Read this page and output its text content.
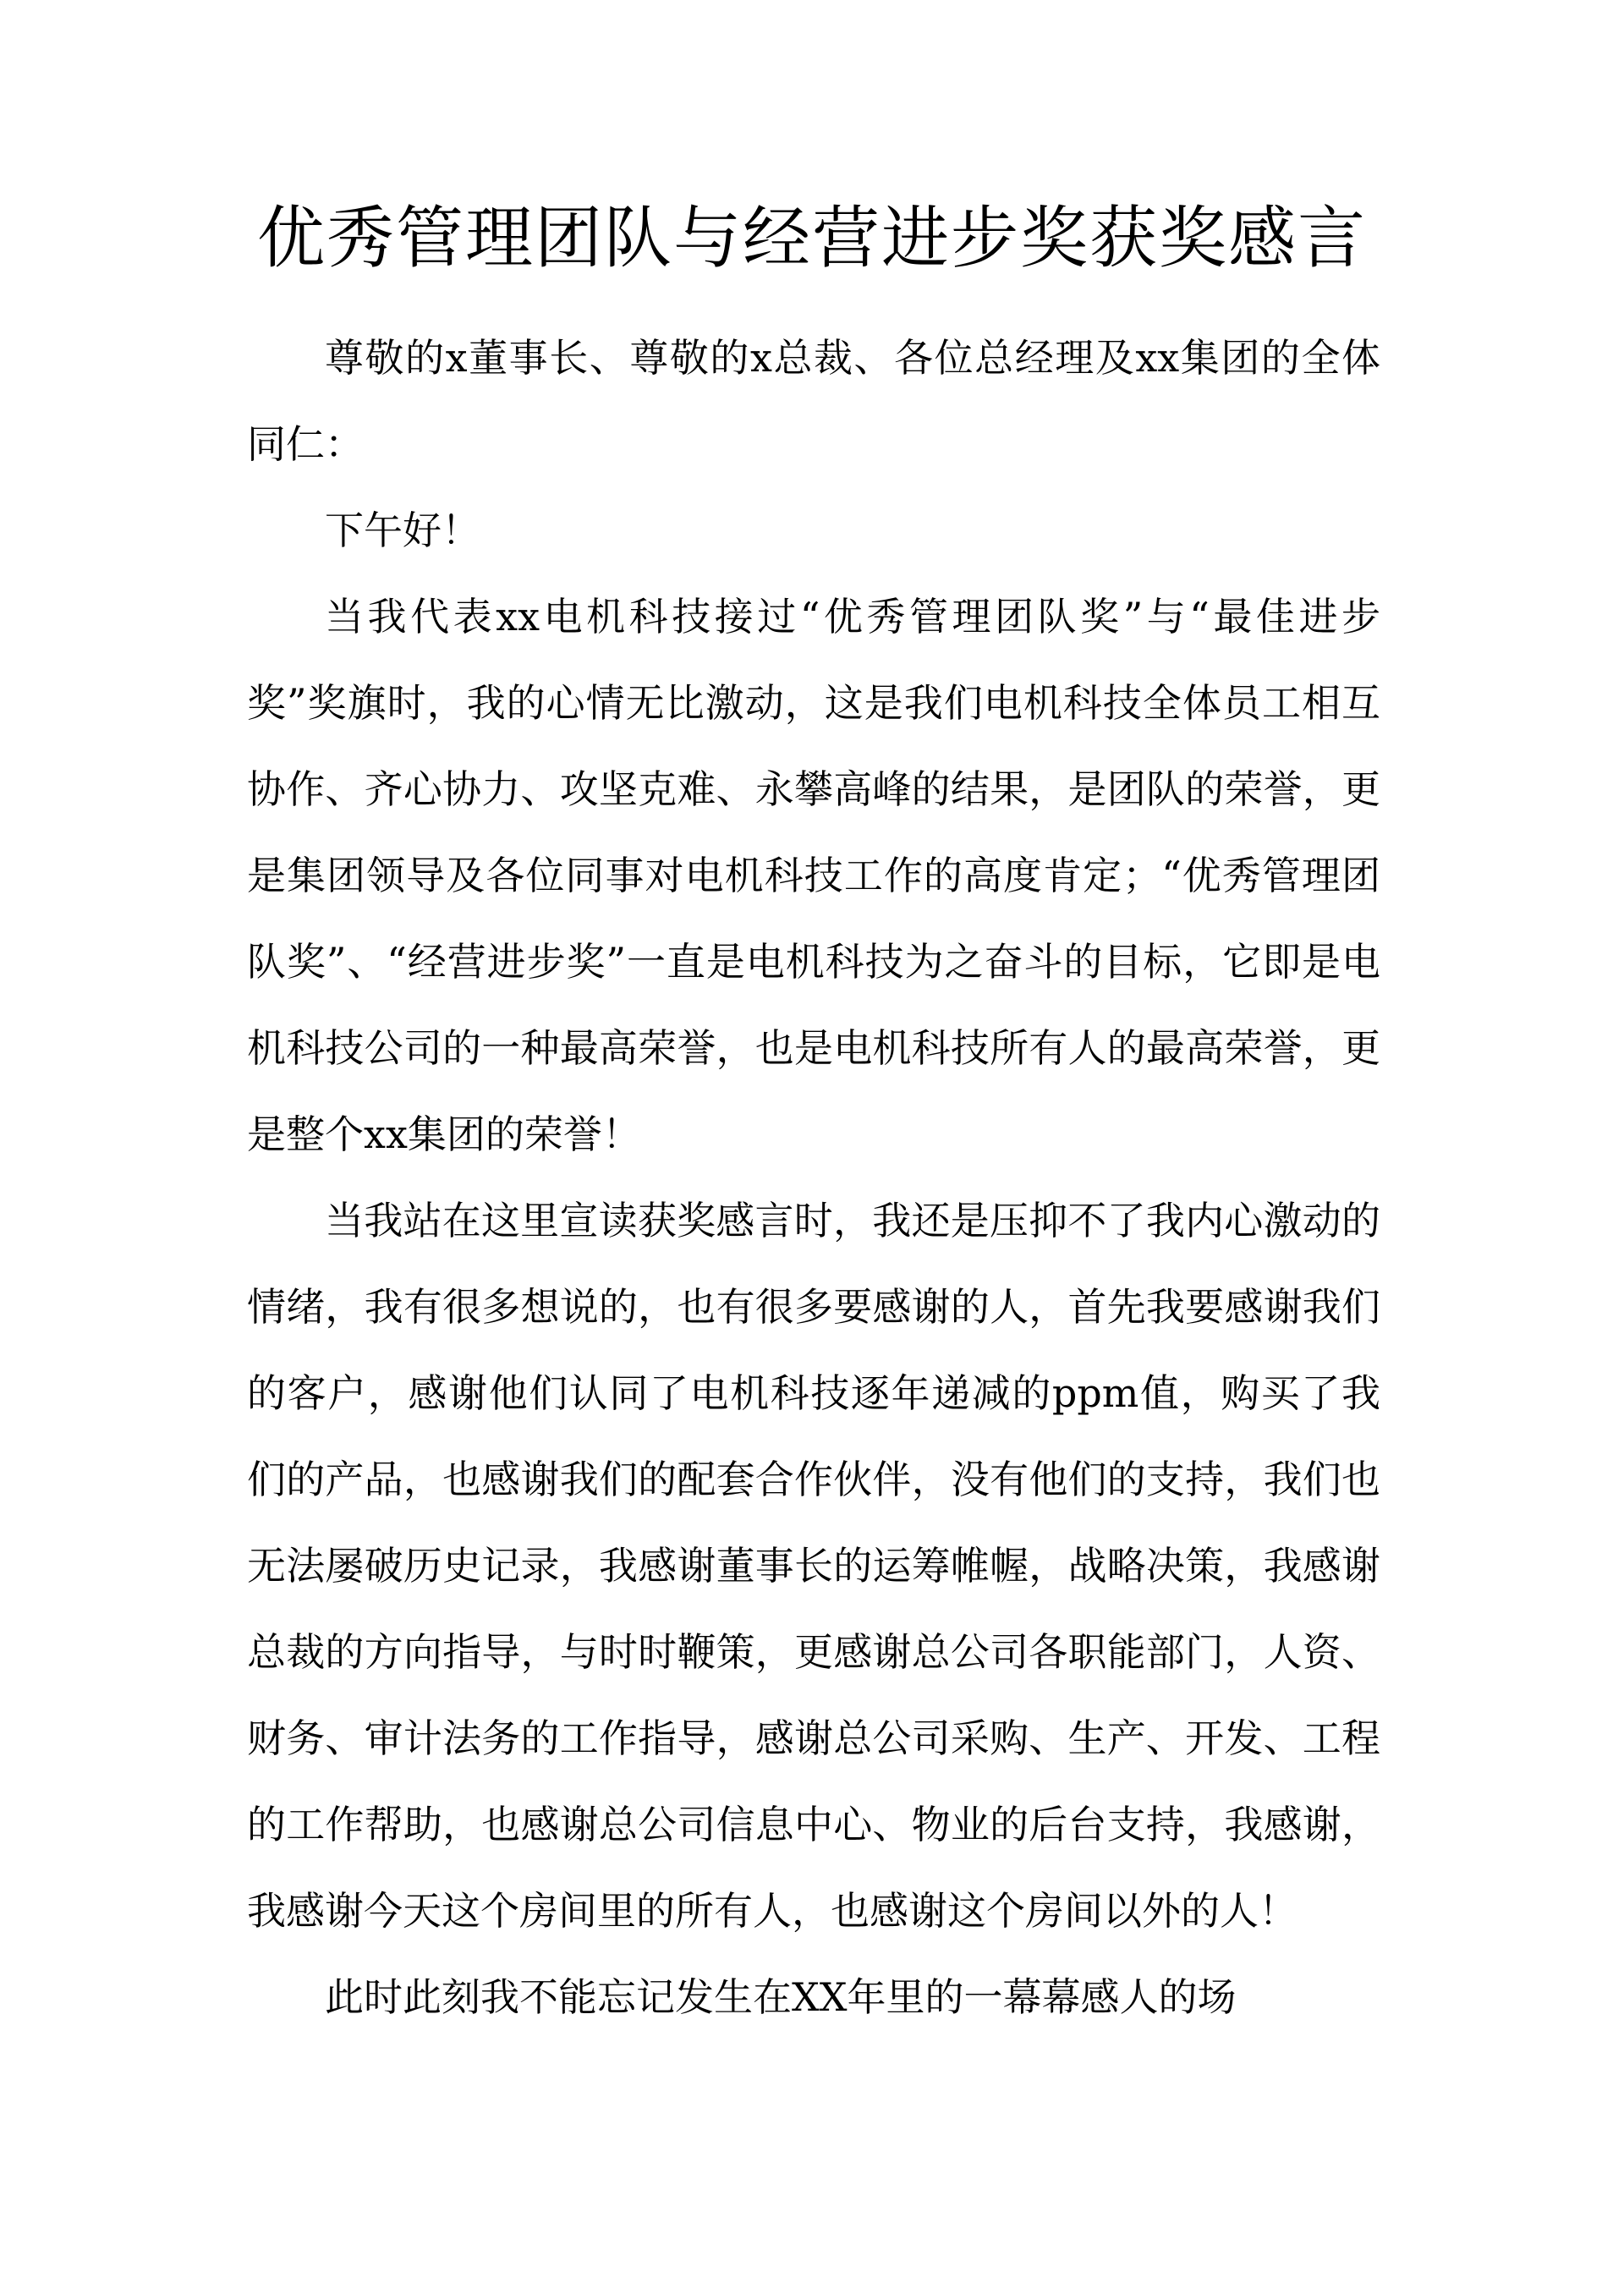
优秀管理团队与经营进步奖获奖感言

尊敬的x董事长、尊敬的x总裁、各位总经理及xx集团的全体同仁：

下午好！

当我代表xx电机科技接过“优秀管理团队奖”与“最佳进步奖”奖旗时，我的心情无比激动，这是我们电机科技全体员工相互协作、齐心协力、攻坚克难、永攀高峰的结果，是团队的荣誉，更是集团领导及各位同事对电机科技工作的高度肯定；“优秀管理团队奖”、“经营进步奖”一直是电机科技为之奋斗的目标，它即是电机科技公司的一种最高荣誉，也是电机科技所有人的最高荣誉，更是整个xx集团的荣誉！

当我站在这里宣读获奖感言时，我还是压抑不了我内心激动的情绪，我有很多想说的，也有很多要感谢的人，首先我要感谢我们的客户，感谢他们认同了电机科技逐年递减的ppm值，购买了我们的产品，也感谢我们的配套合作伙伴，没有他们的支持，我们也无法屡破历史记录，我感谢董事长的运筹帷幄，战略决策，我感谢总裁的方向指导，与时时鞭策，更感谢总公司各职能部门，人资、财务、审计法务的工作指导，感谢总公司采购、生产、开发、工程的工作帮助，也感谢总公司信息中心、物业的后台支持，我感谢，我感谢今天这个房间里的所有人，也感谢这个房间以外的人！

此时此刻我不能忘记发生在XX年里的一幕幕感人的场
